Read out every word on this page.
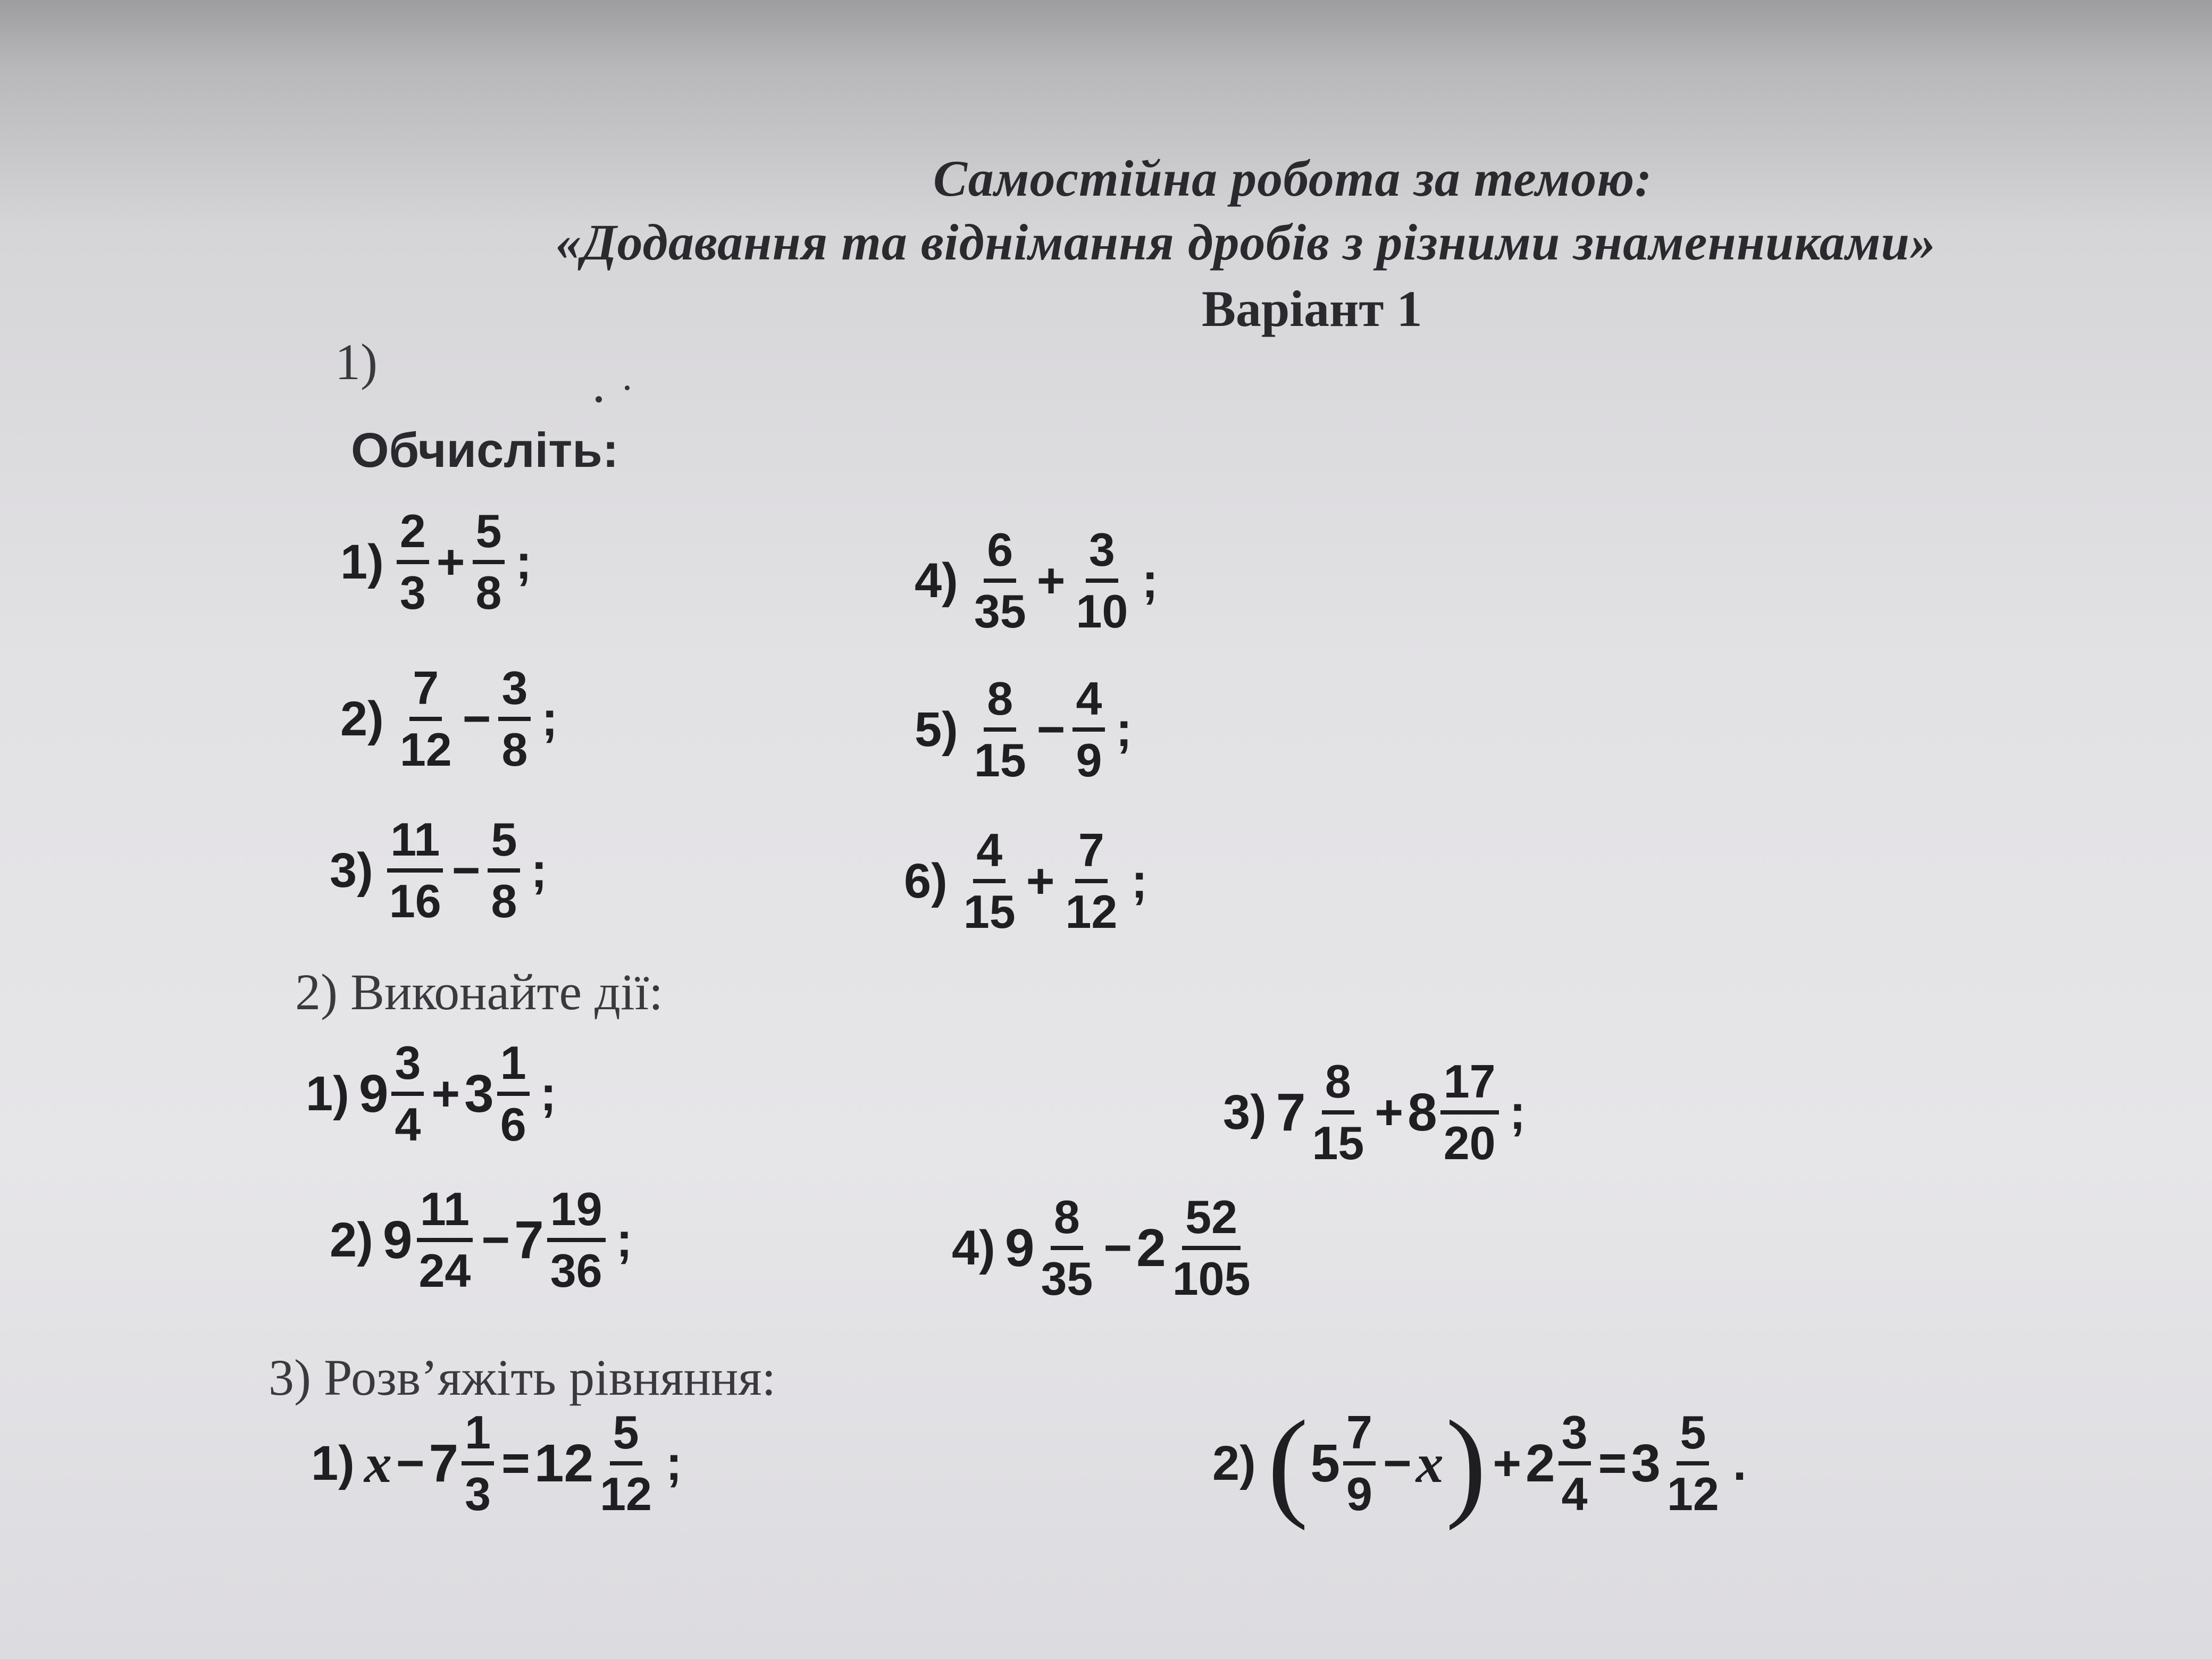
Самостійна робота за темою:
«Додавання та віднімання дробів з різними знаменниками»
Варіант 1
1)
Обчисліть:
$1) \frac{2}{3} + \frac{5}{8}$ ;
$2) \frac{7}{12} - \frac{3}{8}$ ;
$3) \frac{11}{16} - \frac{5}{8}$ ;
$4) \frac{6}{35} + \frac{3}{10}$ ;
$5) \frac{8}{15} - \frac{4}{9}$ ;
$6) \frac{4}{15} + \frac{7}{12}$ ;
2) Виконайте дії:
1) $9 \frac{3}{4} + 3 \frac{1}{6}$ ;
2) $9 \frac{11}{24} - 7 \frac{19}{36}$ ;
3) $7 \frac{8}{15} + 8 \frac{17}{20}$ ;
4) $9 \frac{8}{35} - 2 \frac{52}{105}$
3) Розв’яжіть рівняння:
1) $x - 7 \frac{1}{3} = 12 \frac{5}{12}$ ;	2) ( $5 \frac{7}{9} - x$ ) + $2 \frac{3}{4} = 3 \frac{5}{12}$ .
